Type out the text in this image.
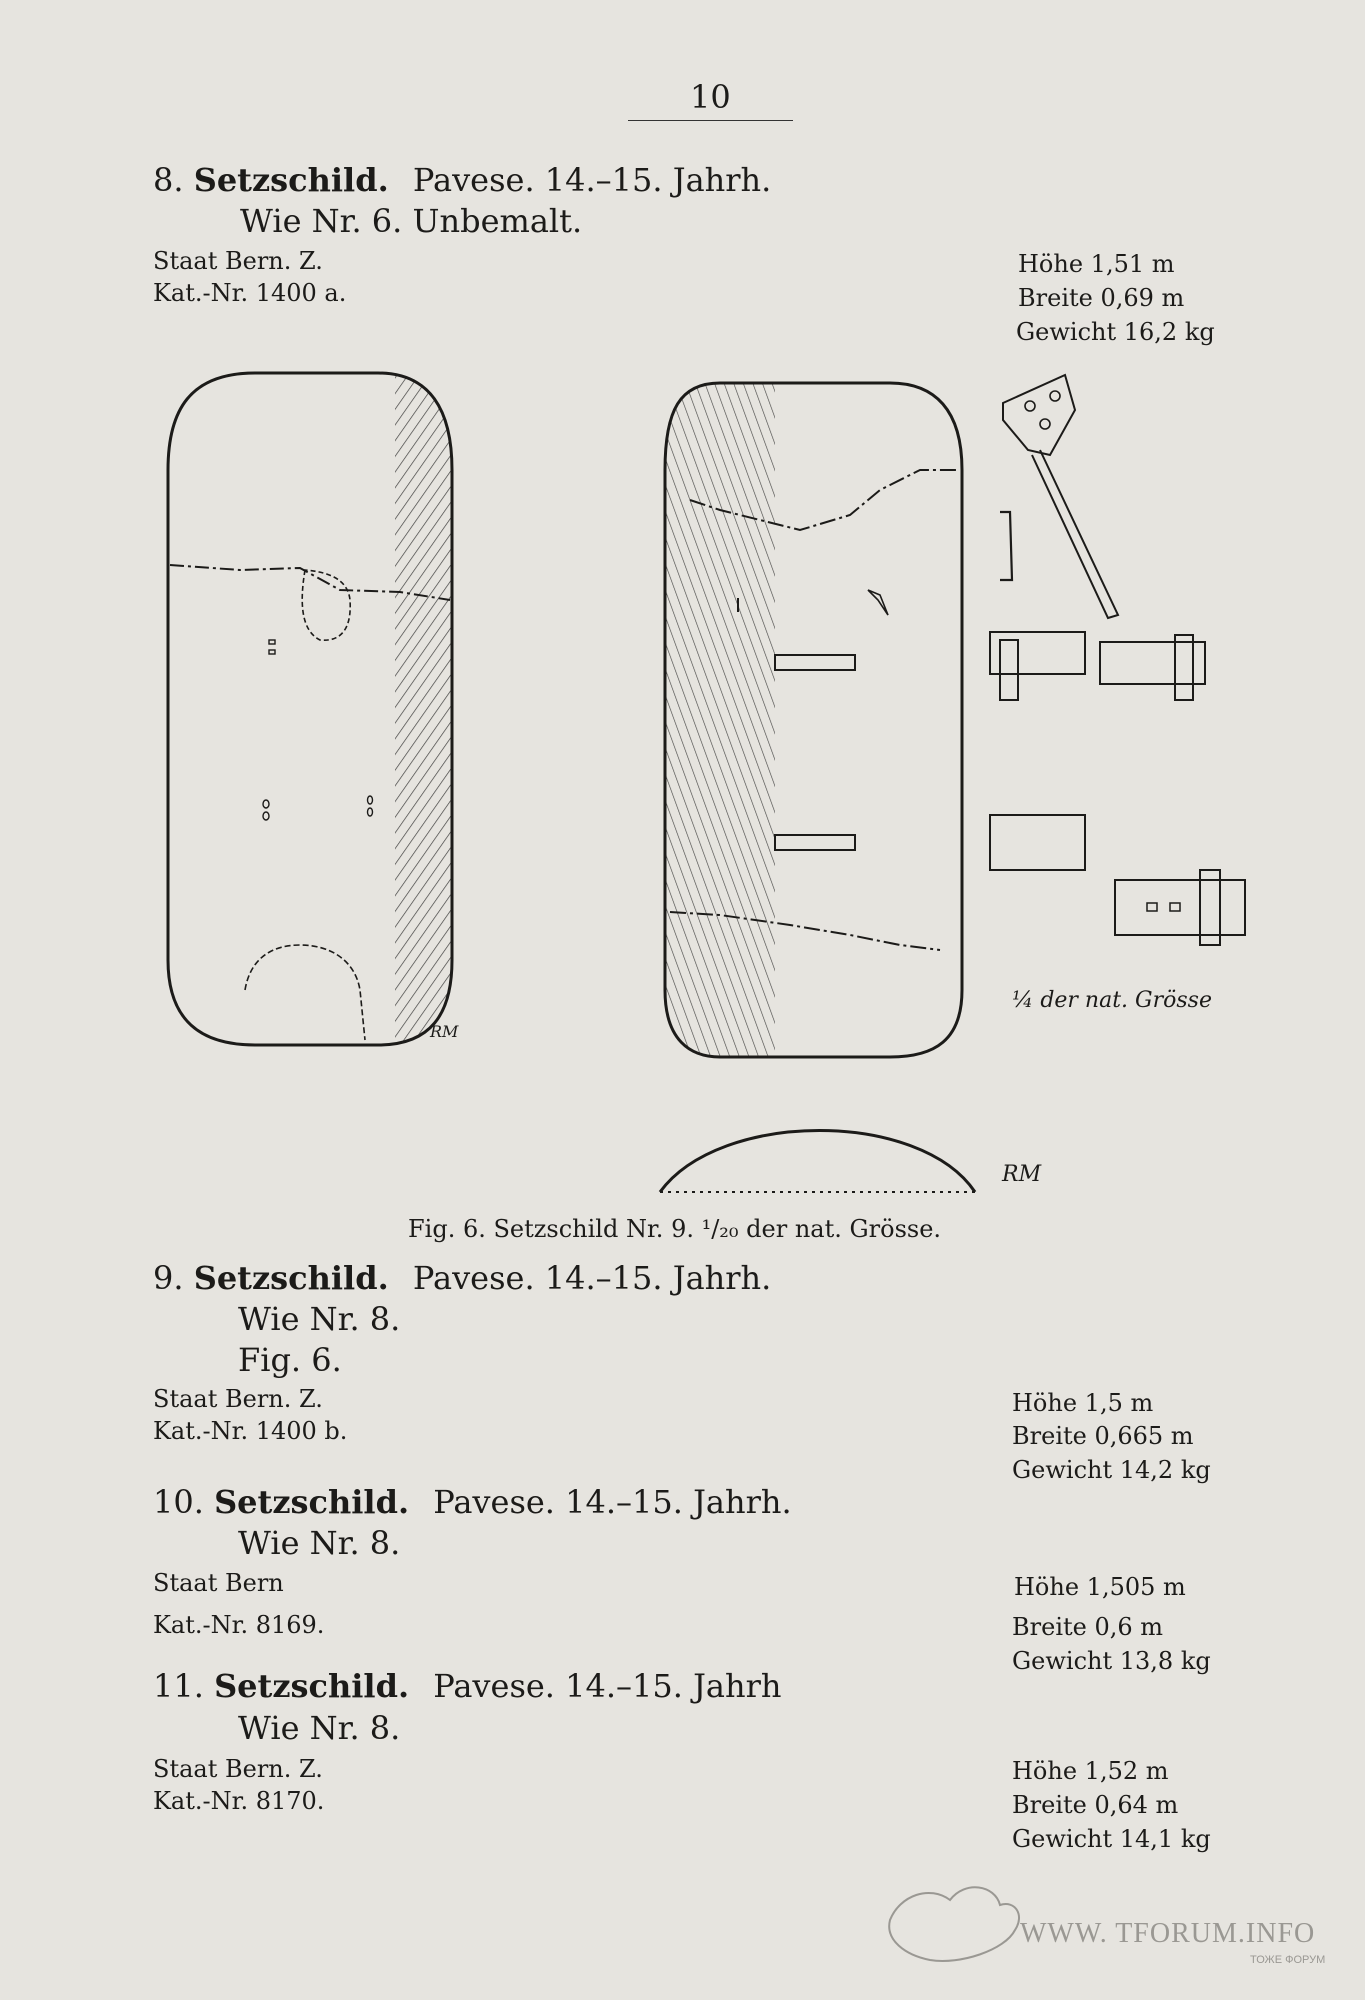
10
8. Setzschild. Pavese. 14.–15. Jahrh.
Wie Nr. 6. Unbemalt.
Staat Bern. Z.
Kat.-Nr. 1400 a.
Höhe 1,51 m
Breite 0,69 m
Gewicht 16,2 kg
RM
RM
¼ der nat. Grösse
Fig. 6. Setzschild Nr. 9. ¹/₂₀ der nat. Grösse.
9. Setzschild. Pavese. 14.–15. Jahrh.
Wie Nr. 8.
Fig. 6.
Staat Bern. Z.
Kat.-Nr. 1400 b.
Höhe 1,5 m
Breite 0,665 m
Gewicht 14,2 kg
10. Setzschild. Pavese. 14.–15. Jahrh.
Wie Nr. 8.
Staat Bern
Kat.-Nr. 8169.
Höhe 1,505 m
Breite 0,6 m
Gewicht 13,8 kg
11. Setzschild. Pavese. 14.–15. Jahrh
Wie Nr. 8.
Staat Bern. Z.
Kat.-Nr. 8170.
Höhe 1,52 m
Breite 0,64 m
Gewicht 14,1 kg
WWW. TFORUM.INFO
ТОЖЕ ФОРУМ
